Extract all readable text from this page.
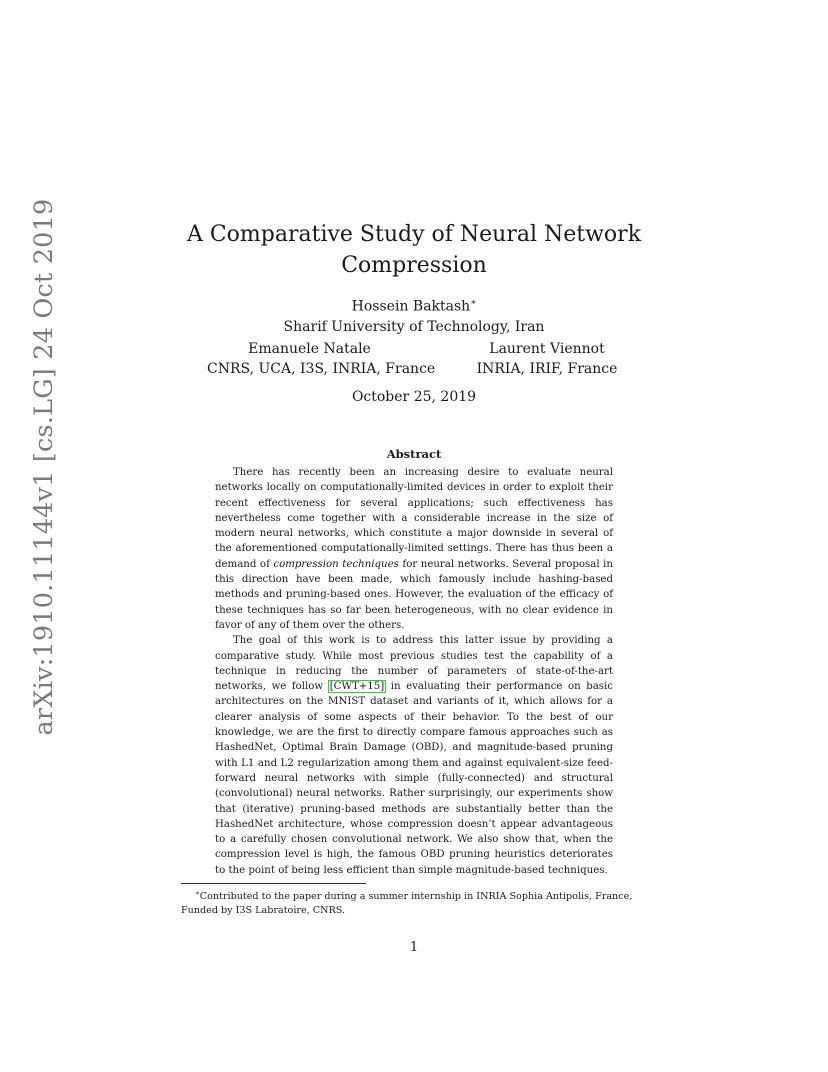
arXiv:1910.11144v1 [cs.LG] 24 Oct 2019	A Comparative Study of Neural Network
Compression
Hossein Baktash∗
Sharif University of Technology, Iran
Emanuele Natale
CNRS, UCA, I3S, INRIA, France
Laurent Viennot
INRIA, IRIF, France
October 25, 2019
Abstract

There has recently been an increasing desire to evaluate neural networks locally on computationally-limited devices in order to exploit their recent effectiveness for several applications; such effectiveness has nevertheless come together with a considerable increase in the size of modern neural networks, which constitute a major downside in several of the aforementioned computationally-limited settings. There has thus been a demand of compression techniques for neural networks. Several proposal in this direction have been made, which famously include hashing-based methods and pruning-based ones. However, the evaluation of the efficacy of these techniques has so far been heterogeneous, with no clear evidence in favor of any of them over the others.

The goal of this work is to address this latter issue by providing a comparative study. While most previous studies test the capability of a technique in reducing the number of parameters of state-of-the-art networks, we follow [CWT+15] in evaluating their performance on basic architectures on the MNIST dataset and variants of it, which allows for a clearer analysis of some aspects of their behavior. To the best of our knowledge, we are the first to directly compare famous approaches such as HashedNet, Optimal Brain Damage (OBD), and magnitude-based pruning with L1 and L2 regularization among them and against equivalent-size feed-forward neural networks with simple (fully-connected) and structural (convolutional) neural networks. Rather surprisingly, our experiments show that (iterative) pruning-based methods are substantially better than the HashedNet architecture, whose compression doesn’t appear advantageous to a carefully chosen convolutional network. We also show that, when the compression level is high, the famous OBD pruning heuristics deteriorates to the point of being less efficient than simple magnitude-based techniques.

∗Contributed to the paper during a summer internship in INRIA Sophia Antipolis, France, Funded by I3S Labratoire, CNRS.
1
